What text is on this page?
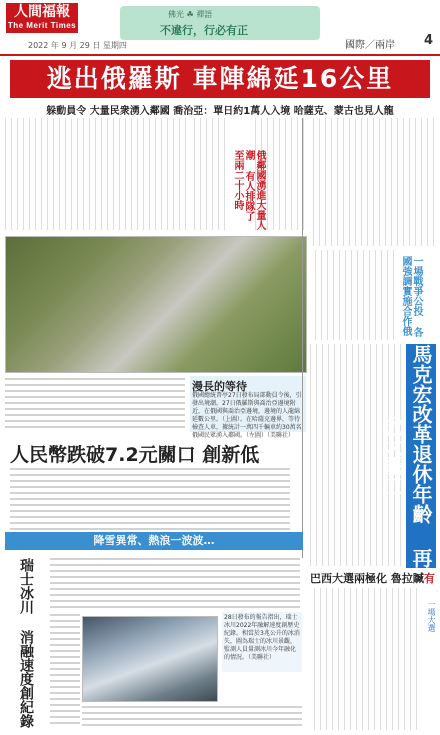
人間福報
The Merit Times
2022 年 9 月 29 日 星期四
佛光 ☘ 禪語
不違行，行必有正
國際／兩岸 4
逃出俄羅斯 車陣綿延16公里
躲動員令 大量民衆湧入鄰國 喬治亞：單日約1萬人入境 哈薩克、蒙古也見人龍
俄鄰國湧進大量人潮 有人排隊了至兩二十小時
一場戰爭公投 各國強調實施合作俄
漫長的等待
俄國總統普亭27日發布局部動員令後，引發出境潮。27日俄羅斯與喬治亞邊境附近，在俄國與喬治亞邊境，邊境的人龍綿延數公里。（上圖）。在哈薩克邊界，等待檢查人車，據統計一萬四千輛車約30萬名俄國民眾湧入鄰國。（左圖）（美聯社）
人民幣跌破7.2元關口 創新低	馬克宏改革退休年齡 再掀大罷工
降雪異常、熱浪一波波…
瑞士冰川 消融速度創紀錄	28日發布的報告指出，瑞士冰川2022年融解速度創歷史紀錄。相當於3兆公升的冰消失，圖為瑞士的冰川景觀，監測人員量測冰川今年融化的情況。（美聯社）
巴西大選兩極化 魯拉贓有
一場大選
